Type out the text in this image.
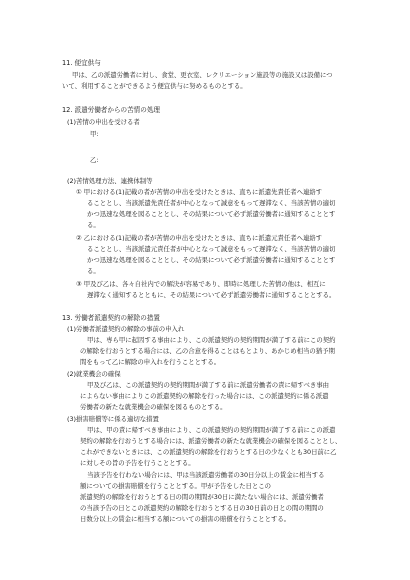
11. 便宜供与
甲は、乙の派遣労働者に対し、食堂、更衣室、レクリエーション施設等の施設又は設備につ
いて、利用することができるよう便宜供与に努めるものとする。
12. 派遣労働者からの苦情の処理
(1)苦情の申出を受ける者
甲:
乙:
(2)苦情処理方法、連携体制等
① 甲における(1)記載の者が苦情の申出を受けたときは、直ちに派遣先責任者へ連絡す
ることとし、当該派遣先責任者が中心となって誠意をもって遅滞なく、当該苦情の適切
かつ迅速な処理を図ることとし、その結果について必ず派遣労働者に通知することとす
る。
② 乙における(1)記載の者が苦情の申出を受けたときは、直ちに派遣元責任者へ連絡す
ることとし、当該派遣元責任者が中心となって誠意をもって遅滞なく、当該苦情の適切
かつ迅速な処理を図ることとし、その結果について必ず派遣労働者に通知することとす
る。
③ 甲及び乙は、各々自社内での解決が容易であり、即時に処理した苦情の他は、相互に
遅滞なく通知するとともに、その結果について必ず派遣労働者に通知することとする。
13. 労働者派遣契約の解除の措置
(1)労働者派遣契約の解除の事前の申入れ
甲は、専ら甲に起因する事由により、この派遣契約の契約期間が満了する前にこの契約
の解除を行おうとする場合には、乙の合意を得ることはもとより、あかじめ相当の猶予期
間をもって乙に解除の申入れを行うこととする。
(2)就業機会の確保
甲及び乙は、この派遣契約の契約期間が満了する前に派遣労働者の責に帰すべき事由
によらない事由によりこの派遣契約の解除を行った場合には、この派遣契約に係る派遣
労働者の新たな就業機会の確保を図るものとする。
(3)損害賠償等に係る適切な措置
甲は、甲の責に帰すべき事由により、この派遣契約の契約期間が満了する前にこの派遣
契約の解除を行おうとする場合には、派遣労働者の新たな就業機会の確保を図ることとし、
これができないときには、この派遣契約の解除を行おうとする日の少なくとも30日前に乙
に対しその旨の予告を行うこととする。
当該予告を行わない場合には、甲は当該派遣労働者の30日分以上の賃金に相当する
額についての損害賠償を行うこととする。甲が予告をした日とこの
派遣契約の解除を行おうとする日の間の期間が30日に満たない場合には、派遣労働者
の当該予告の日とこの派遣契約の解除を行おうとする日の30日前の日との間の期間の
日数分以上の賃金に相当する額についての損害の賠償を行うこととする。
